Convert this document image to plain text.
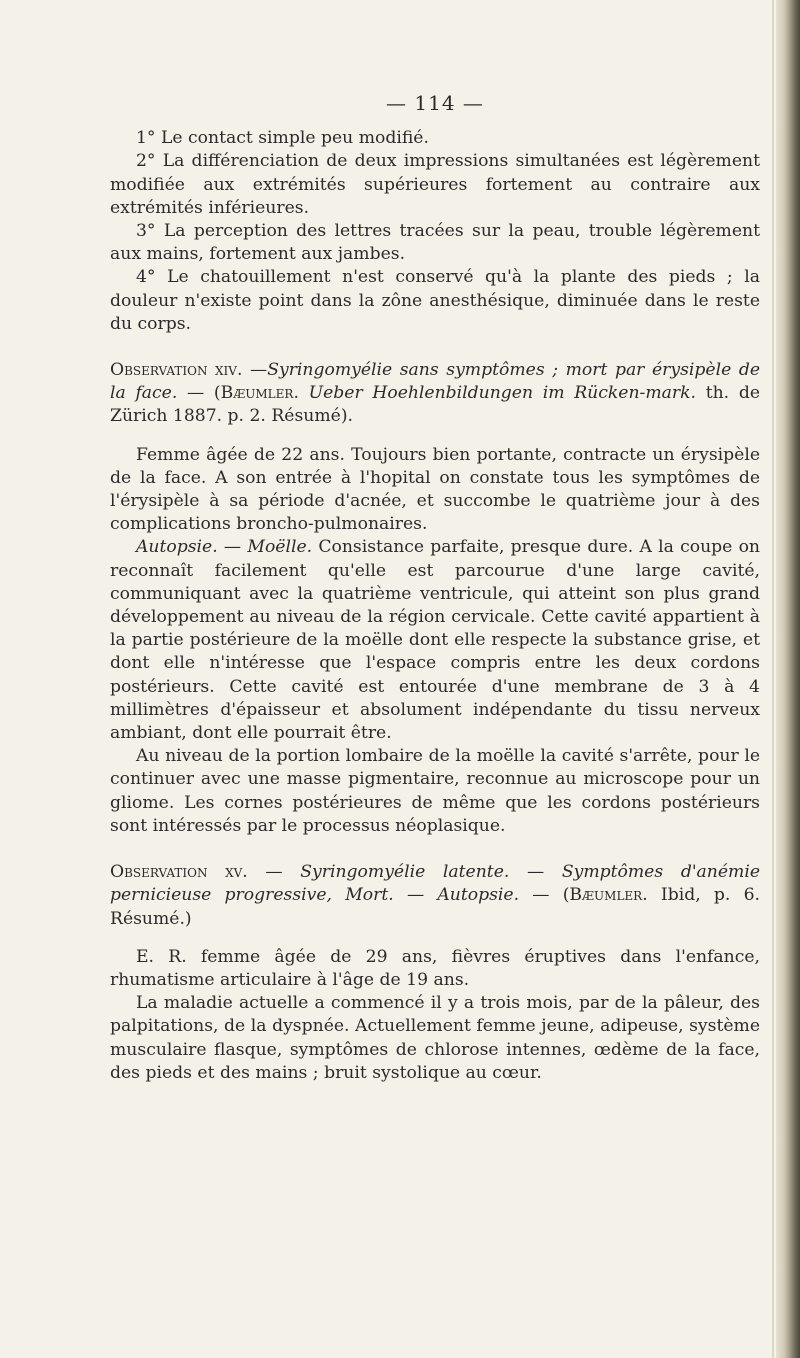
— 114 —

1° Le contact simple peu modifié.

2° La différenciation de deux impressions simultanées est légèrement modifiée aux extrémités supérieures fortement au contraire aux extrémités inférieures.

3° La perception des lettres tracées sur la peau, trouble légèrement aux mains, fortement aux jambes.

4° Le chatouillement n'est conservé qu'à la plante des pieds ; la douleur n'existe point dans la zône anesthésique, diminuée dans le reste du corps.

Observation xiv. —Syringomyélie sans symptômes ; mort par érysipèle de la face. — (Bæumler. Ueber Hoehlenbildungen im Rücken-mark. th. de Zürich 1887. p. 2. Résumé).

Femme âgée de 22 ans. Toujours bien portante, contracte un érysipèle de la face. A son entrée à l'hopital on constate tous les symptômes de l'érysipèle à sa période d'acnée, et succombe le quatrième jour à des complications broncho-pulmonaires.

Autopsie. — Moëlle. Consistance parfaite, presque dure. A la coupe on reconnaît facilement qu'elle est parcourue d'une large cavité, communiquant avec la quatrième ventricule, qui atteint son plus grand développement au niveau de la région cervicale. Cette cavité appartient à la partie postérieure de la moëlle dont elle respecte la substance grise, et dont elle n'intéresse que l'espace compris entre les deux cordons postérieurs. Cette cavité est entourée d'une membrane de 3 à 4 millimètres d'épaisseur et absolument indépendante du tissu nerveux ambiant, dont elle pourrait être.

Au niveau de la portion lombaire de la moëlle la cavité s'arrête, pour le continuer avec une masse pigmentaire, reconnue au microscope pour un gliome. Les cornes postérieures de même que les cordons postérieurs sont intéressés par le processus néoplasique.

Observation xv. — Syringomyélie latente. — Symptômes d'anémie pernicieuse progressive, Mort. — Autopsie. — (Bæumler. Ibid, p. 6. Résumé.)

E. R. femme âgée de 29 ans, fièvres éruptives dans l'enfance, rhumatisme articulaire à l'âge de 19 ans.

La maladie actuelle a commencé il y a trois mois, par de la pâleur, des palpitations, de la dyspnée. Actuellement femme jeune, adipeuse, système musculaire flasque, symptômes de chlorose intennes, œdème de la face, des pieds et des mains ; bruit systolique au cœur.
